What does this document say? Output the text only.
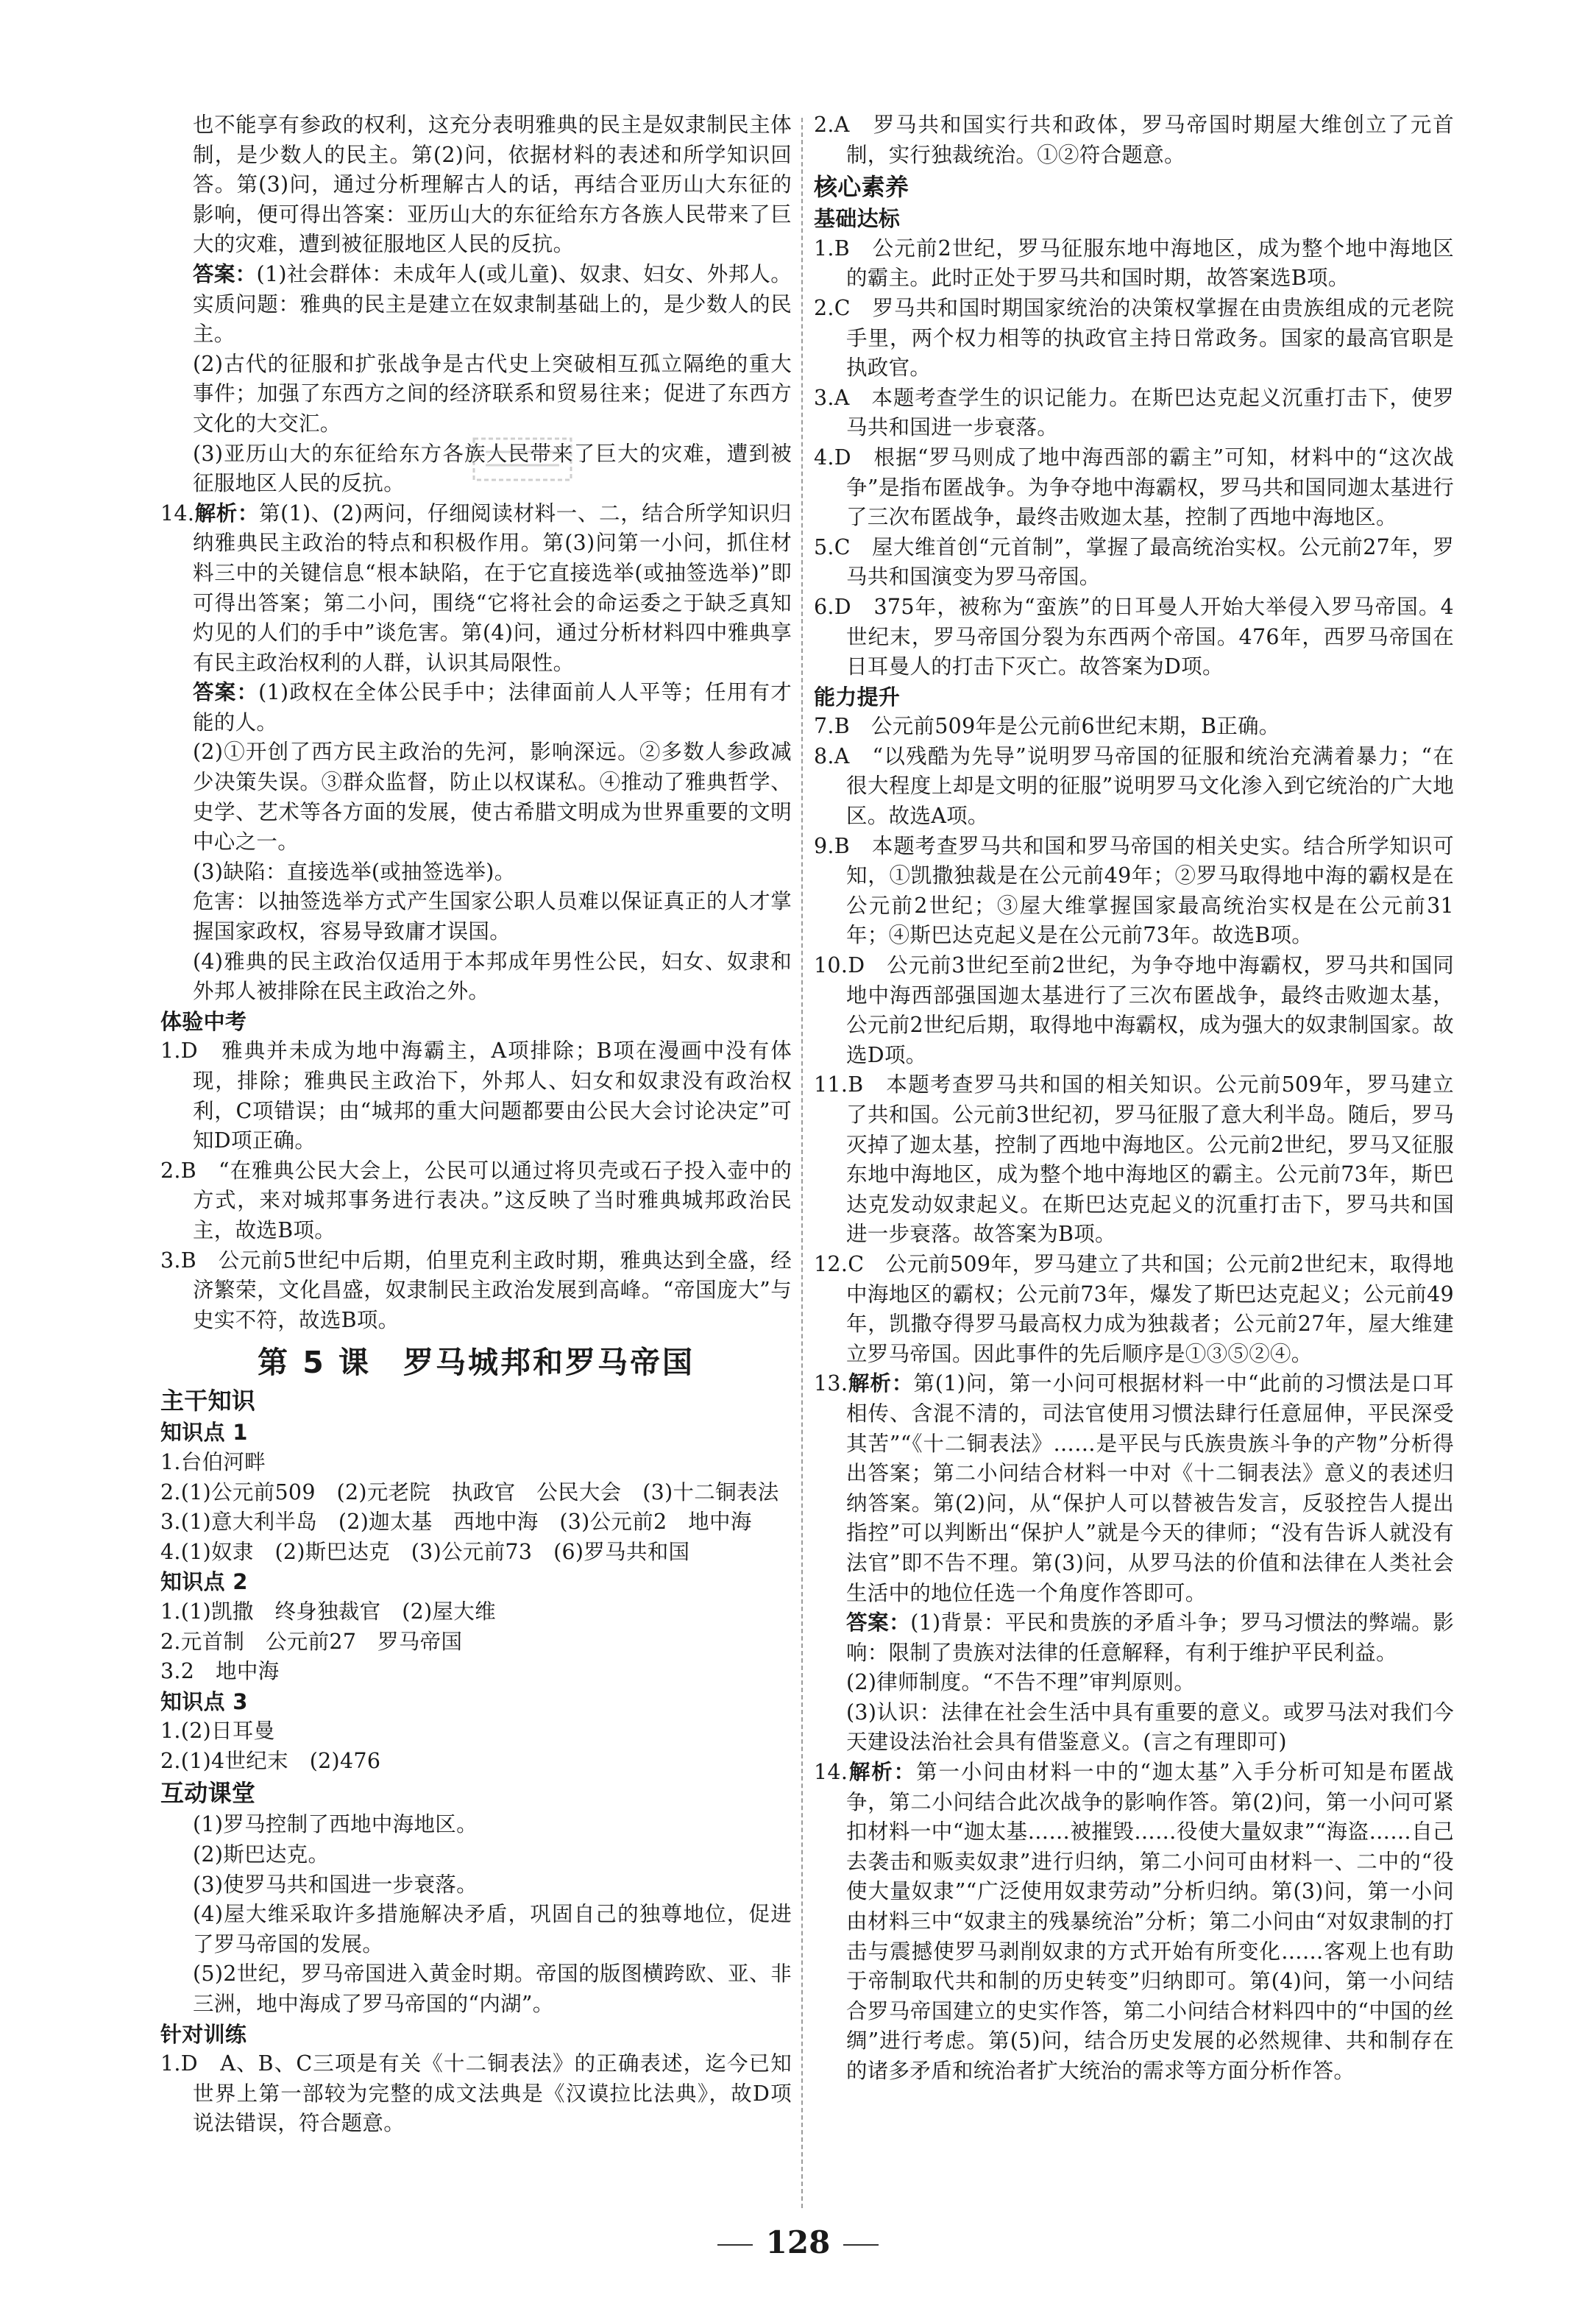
也不能享有参政的权利，这充分表明雅典的民主是奴隶制民主体制，是少数人的民主。第(2)问，依据材料的表述和所学知识回答。第(3)问，通过分析理解古人的话，再结合亚历山大东征的影响，便可得出答案：亚历山大的东征给东方各族人民带来了巨大的灾难，遭到被征服地区人民的反抗。

答案：(1)社会群体：未成年人(或儿童)、奴隶、妇女、外邦人。实质问题：雅典的民主是建立在奴隶制基础上的，是少数人的民主。

(2)古代的征服和扩张战争是古代史上突破相互孤立隔绝的重大事件；加强了东西方之间的经济联系和贸易往来；促进了东西方文化的大交汇。

(3)亚历山大的东征给东方各族人民带来了巨大的灾难，遭到被征服地区人民的反抗。

14.解析：第(1)、(2)两问，仔细阅读材料一、二，结合所学知识归纳雅典民主政治的特点和积极作用。第(3)问第一小问，抓住材料三中的关键信息“根本缺陷，在于它直接选举(或抽签选举)”即可得出答案；第二小问，围绕“它将社会的命运委之于缺乏真知灼见的人们的手中”谈危害。第(4)问，通过分析材料四中雅典享有民主政治权利的人群，认识其局限性。

答案：(1)政权在全体公民手中；法律面前人人平等；任用有才能的人。

(2)①开创了西方民主政治的先河，影响深远。②多数人参政减少决策失误。③群众监督，防止以权谋私。④推动了雅典哲学、史学、艺术等各方面的发展，使古希腊文明成为世界重要的文明中心之一。

(3)缺陷：直接选举(或抽签选举)。

危害：以抽签选举方式产生国家公职人员难以保证真正的人才掌握国家政权，容易导致庸才误国。

(4)雅典的民主政治仅适用于本邦成年男性公民，妇女、奴隶和外邦人被排除在民主政治之外。

体验中考

1.D　雅典并未成为地中海霸主，A项排除；B项在漫画中没有体现，排除；雅典民主政治下，外邦人、妇女和奴隶没有政治权利，C项错误；由“城邦的重大问题都要由公民大会讨论决定”可知D项正确。

2.B　“在雅典公民大会上，公民可以通过将贝壳或石子投入壶中的方式，来对城邦事务进行表决。”这反映了当时雅典城邦政治民主，故选B项。

3.B　公元前5世纪中后期，伯里克利主政时期，雅典达到全盛，经济繁荣，文化昌盛，奴隶制民主政治发展到高峰。“帝国庞大”与史实不符，故选B项。

第 5 课　罗马城邦和罗马帝国

主干知识

知识点 1

1.台伯河畔

2.(1)公元前509　(2)元老院　执政官　公民大会　(3)十二铜表法

3.(1)意大利半岛　(2)迦太基　西地中海　(3)公元前2　地中海

4.(1)奴隶　(2)斯巴达克　(3)公元前73　(6)罗马共和国

知识点 2

1.(1)凯撒　终身独裁官　(2)屋大维

2.元首制　公元前27　罗马帝国

3.2　地中海

知识点 3

1.(2)日耳曼

2.(1)4世纪末　(2)476

互动课堂

(1)罗马控制了西地中海地区。

(2)斯巴达克。

(3)使罗马共和国进一步衰落。

(4)屋大维采取许多措施解决矛盾，巩固自己的独尊地位，促进了罗马帝国的发展。

(5)2世纪，罗马帝国进入黄金时期。帝国的版图横跨欧、亚、非三洲，地中海成了罗马帝国的“内湖”。

针对训练

1.D　A、B、C三项是有关《十二铜表法》的正确表述，迄今已知世界上第一部较为完整的成文法典是《汉谟拉比法典》，故D项说法错误，符合题意。

2.A　罗马共和国实行共和政体，罗马帝国时期屋大维创立了元首制，实行独裁统治。①②符合题意。

核心素养

基础达标

1.B　公元前2世纪，罗马征服东地中海地区，成为整个地中海地区的霸主。此时正处于罗马共和国时期，故答案选B项。

2.C　罗马共和国时期国家统治的决策权掌握在由贵族组成的元老院手里，两个权力相等的执政官主持日常政务。国家的最高官职是执政官。

3.A　本题考查学生的识记能力。在斯巴达克起义沉重打击下，使罗马共和国进一步衰落。

4.D　根据“罗马则成了地中海西部的霸主”可知，材料中的“这次战争”是指布匿战争。为争夺地中海霸权，罗马共和国同迦太基进行了三次布匿战争，最终击败迦太基，控制了西地中海地区。

5.C　屋大维首创“元首制”，掌握了最高统治实权。公元前27年，罗马共和国演变为罗马帝国。

6.D　375年，被称为“蛮族”的日耳曼人开始大举侵入罗马帝国。4世纪末，罗马帝国分裂为东西两个帝国。476年，西罗马帝国在日耳曼人的打击下灭亡。故答案为D项。

能力提升

7.B　公元前509年是公元前6世纪末期，B正确。

8.A　“以残酷为先导”说明罗马帝国的征服和统治充满着暴力；“在很大程度上却是文明的征服”说明罗马文化渗入到它统治的广大地区。故选A项。

9.B　本题考查罗马共和国和罗马帝国的相关史实。结合所学知识可知，①凯撒独裁是在公元前49年；②罗马取得地中海的霸权是在公元前2世纪；③屋大维掌握国家最高统治实权是在公元前31年；④斯巴达克起义是在公元前73年。故选B项。

10.D　公元前3世纪至前2世纪，为争夺地中海霸权，罗马共和国同地中海西部强国迦太基进行了三次布匿战争，最终击败迦太基，公元前2世纪后期，取得地中海霸权，成为强大的奴隶制国家。故选D项。

11.B　本题考查罗马共和国的相关知识。公元前509年，罗马建立了共和国。公元前3世纪初，罗马征服了意大利半岛。随后，罗马灭掉了迦太基，控制了西地中海地区。公元前2世纪，罗马又征服东地中海地区，成为整个地中海地区的霸主。公元前73年，斯巴达克发动奴隶起义。在斯巴达克起义的沉重打击下，罗马共和国进一步衰落。故答案为B项。

12.C　公元前509年，罗马建立了共和国；公元前2世纪末，取得地中海地区的霸权；公元前73年，爆发了斯巴达克起义；公元前49年，凯撒夺得罗马最高权力成为独裁者；公元前27年，屋大维建立罗马帝国。因此事件的先后顺序是①③⑤②④。

13.解析：第(1)问，第一小问可根据材料一中“此前的习惯法是口耳相传、含混不清的，司法官使用习惯法肆行任意屈伸，平民深受其苦”“《十二铜表法》……是平民与氏族贵族斗争的产物”分析得出答案；第二小问结合材料一中对《十二铜表法》意义的表述归纳答案。第(2)问，从“保护人可以替被告发言，反驳控告人提出指控”可以判断出“保护人”就是今天的律师；“没有告诉人就没有法官”即不告不理。第(3)问，从罗马法的价值和法律在人类社会生活中的地位任选一个角度作答即可。

答案：(1)背景：平民和贵族的矛盾斗争；罗马习惯法的弊端。影响：限制了贵族对法律的任意解释，有利于维护平民利益。

(2)律师制度。“不告不理”审判原则。

(3)认识：法律在社会生活中具有重要的意义。或罗马法对我们今天建设法治社会具有借鉴意义。(言之有理即可)

14.解析：第一小问由材料一中的“迦太基”入手分析可知是布匿战争，第二小问结合此次战争的影响作答。第(2)问，第一小问可紧扣材料一中“迦太基……被摧毁……役使大量奴隶”“海盗……自己去袭击和贩卖奴隶”进行归纳，第二小问可由材料一、二中的“役使大量奴隶”“广泛使用奴隶劳动”分析归纳。第(3)问，第一小问由材料三中“奴隶主的残暴统治”分析；第二小问由“对奴隶制的打击与震撼使罗马剥削奴隶的方式开始有所变化……客观上也有助于帝制取代共和制的历史转变”归纳即可。第(4)问，第一小问结合罗马帝国建立的史实作答，第二小问结合材料四中的“中国的丝绸”进行考虑。第(5)问，结合历史发展的必然规律、共和制存在的诸多矛盾和统治者扩大统治的需求等方面分析作答。

128
